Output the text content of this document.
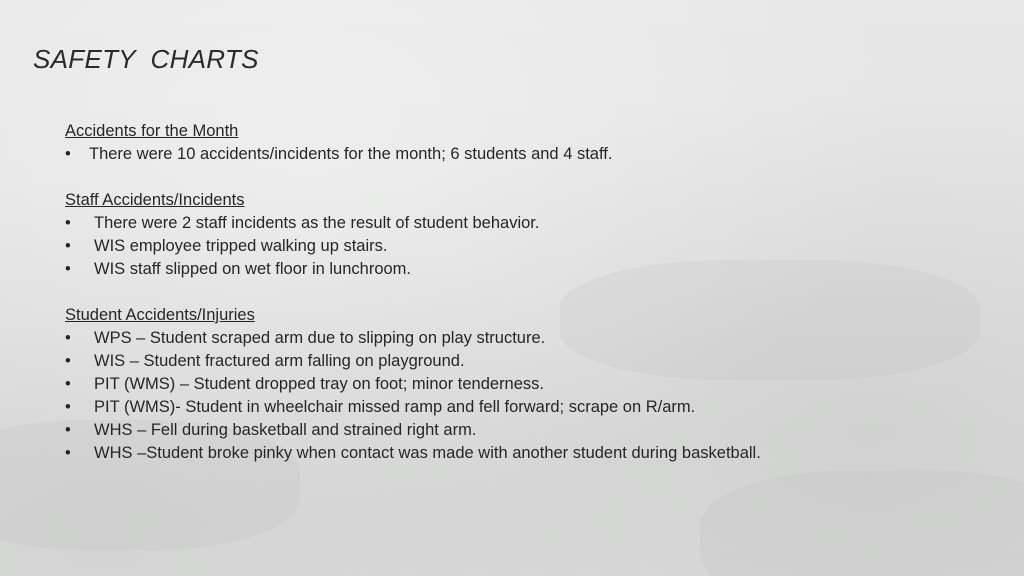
SAFETY  CHARTS
Accidents for the Month
• There were 10 accidents/incidents for the month; 6 students and 4 staff.
Staff Accidents/Incidents
• There were 2 staff incidents as the result of student behavior.
• WIS employee tripped walking up stairs.
• WIS staff slipped on wet floor in lunchroom.
Student Accidents/Injuries
• WPS – Student scraped arm due to slipping on play structure.
• WIS – Student fractured arm falling on playground.
• PIT (WMS) – Student dropped tray on foot; minor tenderness.
• PIT (WMS)- Student in wheelchair missed ramp and fell forward; scrape on R/arm.
• WHS – Fell during basketball and strained right arm.
• WHS –Student broke pinky when contact was made with another student during basketball.
